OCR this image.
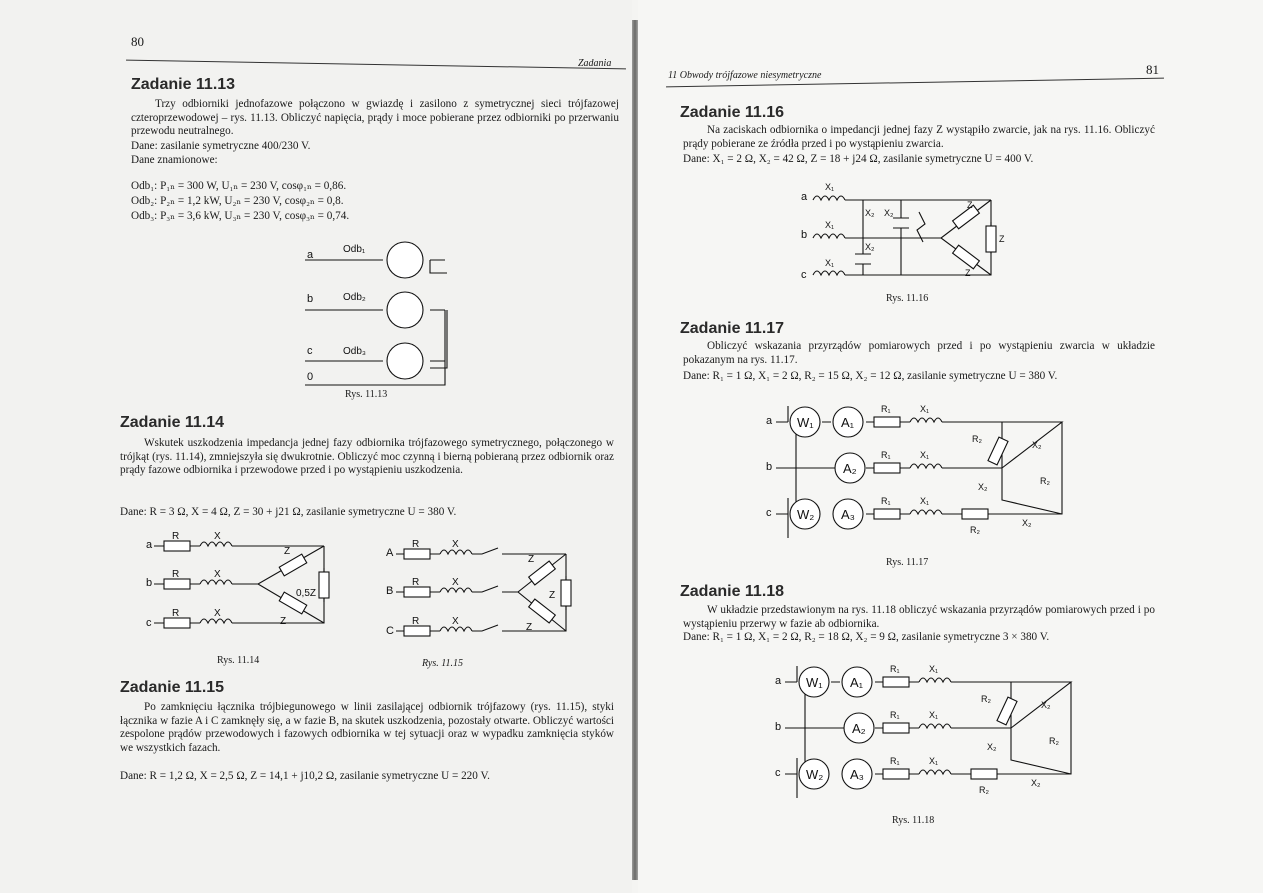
80
Zadania
Zadanie 11.13

Trzy odbiorniki jednofazowe połączono w gwiazdę i zasilono z symetrycznej sieci trójfazowej czteroprzewodowej – rys. 11.13. Obliczyć napięcia, prądy i moce pobierane przez odbiorniki po przerwaniu przewodu neutralnego.

Dane: zasilanie symetryczne 400/230 V.
Dane znamionowe:
Odb₁: P₁ₙ = 300 W, U₁ₙ = 230 V, cosφ₁ₙ = 0,86.
Odb₂: P₂ₙ = 1,2 kW, U₂ₙ = 230 V, cosφ₂ₙ = 0,8.
Odb₃: P₃ₙ = 3,6 kW, U₃ₙ = 230 V, cosφ₃ₙ = 0,74.
a
b
c
0
Odb₁
Odb₂
Odb₃
Rys. 11.13
Zadanie 11.14

Wskutek uszkodzenia impedancja jednej fazy odbiornika trójfazowego symetrycznego, połączonego w trójkąt (rys. 11.14), zmniejszyła się dwukrotnie. Obliczyć moc czynną i bierną pobieraną przez odbiornik oraz prądy fazowe odbiornika i przewodowe przed i po wystąpieniu uszkodzenia.

Dane: R = 3 Ω, X = 4 Ω, Z = 30 + j21 Ω, zasilanie symetryczne U = 380 V.
a
b
c
R
R
R
X
X
X
Z
Z
0,5Z
Rys. 11.14
A
B
C
R
R
R
X
X
X
Z
Z
Z
Rys. 11.15
Zadanie 11.15

Po zamknięciu łącznika trójbiegunowego w linii zasilającej odbiornik trójfazowy (rys. 11.15), styki łącznika w fazie A i C zamknęły się, a w fazie B, na skutek uszkodzenia, pozostały otwarte. Obliczyć wartości zespolone prądów przewodowych i fazowych odbiornika w tej sytuacji oraz w wypadku zamknięcia styków we wszystkich fazach.

Dane: R = 1,2 Ω, X = 2,5 Ω, Z = 14,1 + j10,2 Ω, zasilanie symetryczne U = 220 V.
11 Obwody trójfazowe niesymetryczne	81
Zadanie 11.16

Na zaciskach odbiornika o impedancji jednej fazy Z wystąpiło zwarcie, jak na rys. 11.16. Obliczyć prądy pobierane ze źródła przed i po wystąpieniu zwarcia.

Dane: X₁ = 2 Ω, X₂ = 42 Ω, Z = 18 + j24 Ω, zasilanie symetryczne U = 400 V.
a
b
c
X₁
X₁
X₁
X₂ X₂
X₂
Z
Z
Z
Rys. 11.16
Zadanie 11.17

Obliczyć wskazania przyrządów pomiarowych przed i po wystąpieniu zwarcia w układzie pokazanym na rys. 11.17.

Dane: R₁ = 1 Ω, X₁ = 2 Ω, R₂ = 15 Ω, X₂ = 12 Ω, zasilanie symetryczne U = 380 V.
a
b
c
W₁ A₁
A₂
W₂ A₃
R₁
R₁
R₁
X₁
X₁
X₁
R₂
R₂
X₂
X₂
R₂
X₂
Rys. 11.17
Zadanie 11.18

W układzie przedstawionym na rys. 11.18 obliczyć wskazania przyrządów pomiarowych przed i po wystąpieniu przerwy w fazie ab odbiornika.

Dane: R₁ = 1 Ω, X₁ = 2 Ω, R₂ = 18 Ω, X₂ = 9 Ω, zasilanie symetryczne 3 × 380 V.
a
b
c
W₁ A₁
A₂
W₂ A₃
R₁
R₁
R₁
X₁
X₁
X₁
R₂
R₂
X₂
X₂
R₂
X₂
Rys. 11.18
